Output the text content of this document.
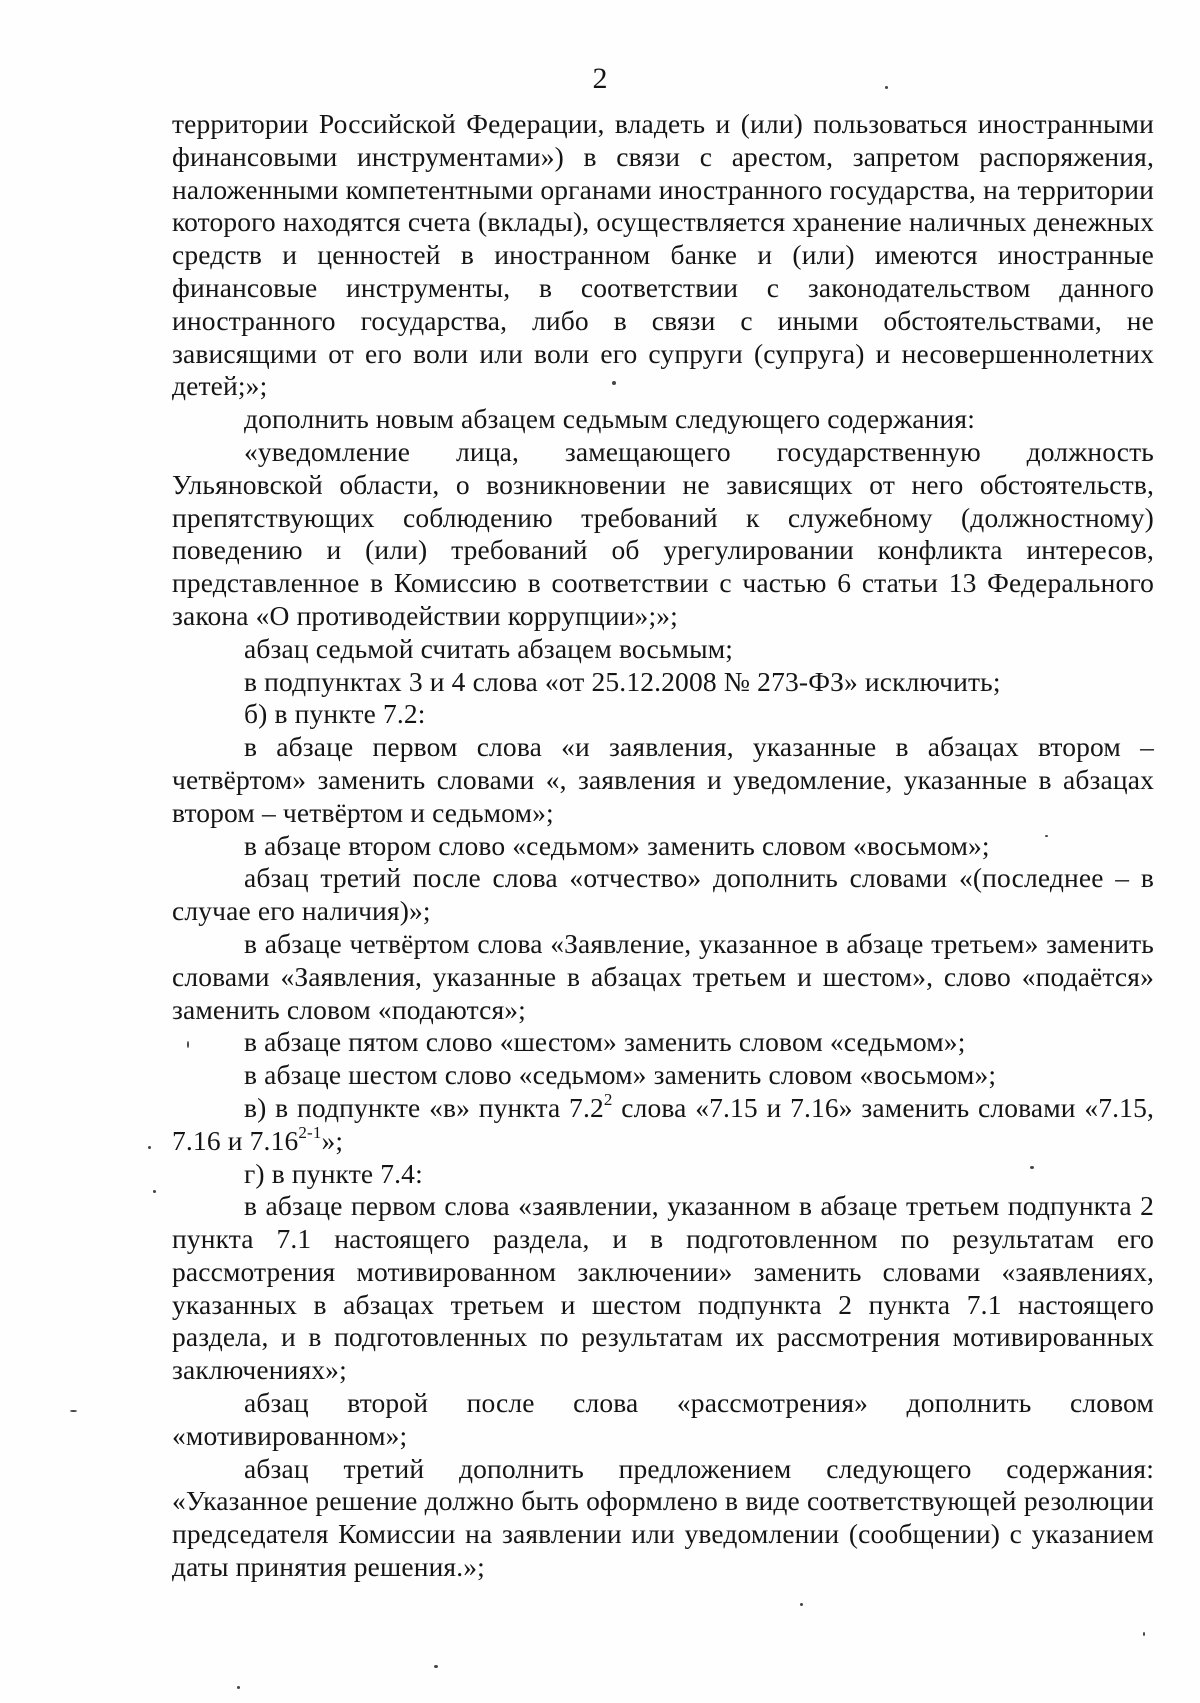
2

территории Российской Федерации, владеть и (или) пользоваться иностранными финансовыми инструментами») в связи с арестом, запретом распоряжения, наложенными компетентными органами иностранного государства, на территории которого находятся счета (вклады), осуществляется хранение наличных денежных средств и ценностей в иностранном банке и (или) имеются иностранные финансовые инструменты, в соответствии с законодательством данного иностранного государства, либо в связи с иными обстоятельствами, не зависящими от его воли или воли его супруги (супруга) и несовершеннолетних детей;»;

дополнить новым абзацем седьмым следующего содержания:

«уведомление лица, замещающего государственную должность Ульяновской области, о возникновении не зависящих от него обстоятельств, препятствующих соблюдению требований к служебному (должностному) поведению и (или) требований об урегулировании конфликта интересов, представленное в Комиссию в соответствии с частью 6 статьи 13 Федерального закона «О противодействии коррупции»;»;

абзац седьмой считать абзацем восьмым;

в подпунктах 3 и 4 слова «от 25.12.2008 № 273-ФЗ» исключить;

б) в пункте 7.2:

в абзаце первом слова «и заявления, указанные в абзацах втором – четвёртом» заменить словами «, заявления и уведомление, указанные в абзацах втором – четвёртом и седьмом»;

в абзаце втором слово «седьмом» заменить словом «восьмом»;

абзац третий после слова «отчество» дополнить словами «(последнее – в случае его наличия)»;

в абзаце четвёртом слова «Заявление, указанное в абзаце третьем» заменить словами «Заявления, указанные в абзацах третьем и шестом», слово «подаётся» заменить словом «подаются»;

в абзаце пятом слово «шестом» заменить словом «седьмом»;

в абзаце шестом слово «седьмом» заменить словом «восьмом»;

в) в подпункте «в» пункта $7.2^2$ слова «7.15 и 7.16» заменить словами «7.15, 7.16 и 7.16$^{2-1}$»;

г) в пункте 7.4:

в абзаце первом слова «заявлении, указанном в абзаце третьем подпункта 2 пункта 7.1 настоящего раздела, и в подготовленном по результатам его рассмотрения мотивированном заключении» заменить словами «заявлениях, указанных в абзацах третьем и шестом подпункта 2 пункта 7.1 настоящего раздела, и в подготовленных по результатам их рассмотрения мотивированных заключениях»;

абзац второй после слова «рассмотрения» дополнить словом «мотивированном»;

абзац третий дополнить предложением следующего содержания: «Указанное решение должно быть оформлено в виде соответствующей резолюции председателя Комиссии на заявлении или уведомлении (сообщении) с указанием даты принятия решения.»;
